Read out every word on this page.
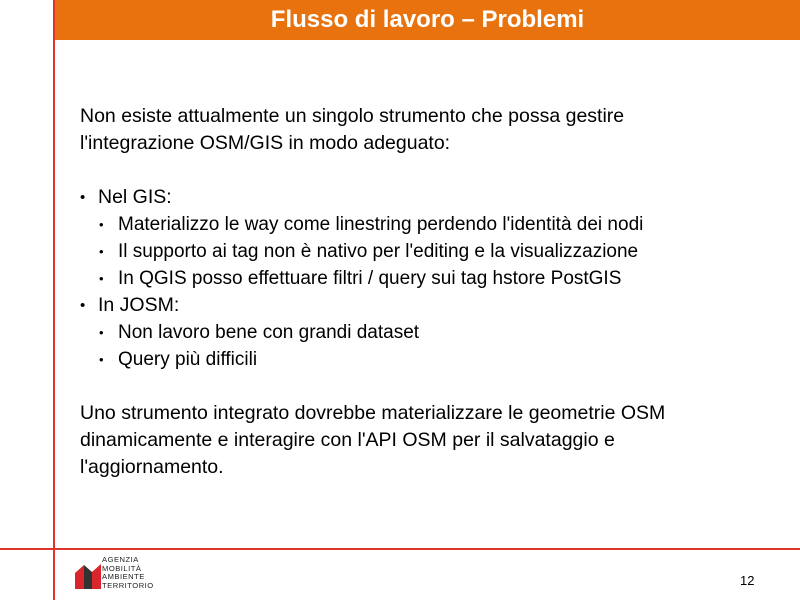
Flusso di lavoro – Problemi

Non esiste attualmente un singolo strumento che possa gestire

l'integrazione OSM/GIS in modo adeguato:

• Nel GIS:
• Materializzo le way come linestring perdendo l'identità dei nodi
• Il supporto ai tag non è nativo per l'editing e la visualizzazione
• In QGIS posso effettuare filtri / query sui tag hstore PostGIS
• In JOSM:
• Non lavoro bene con grandi dataset
• Query più difficili

Uno strumento integrato dovrebbe materializzare le geometrie OSM

dinamicamente e interagire con l'API OSM per il salvataggio e

l'aggiornamento.

AGENZIA
MOBILITÀ
AMBIENTE
TERRITORIO	12
